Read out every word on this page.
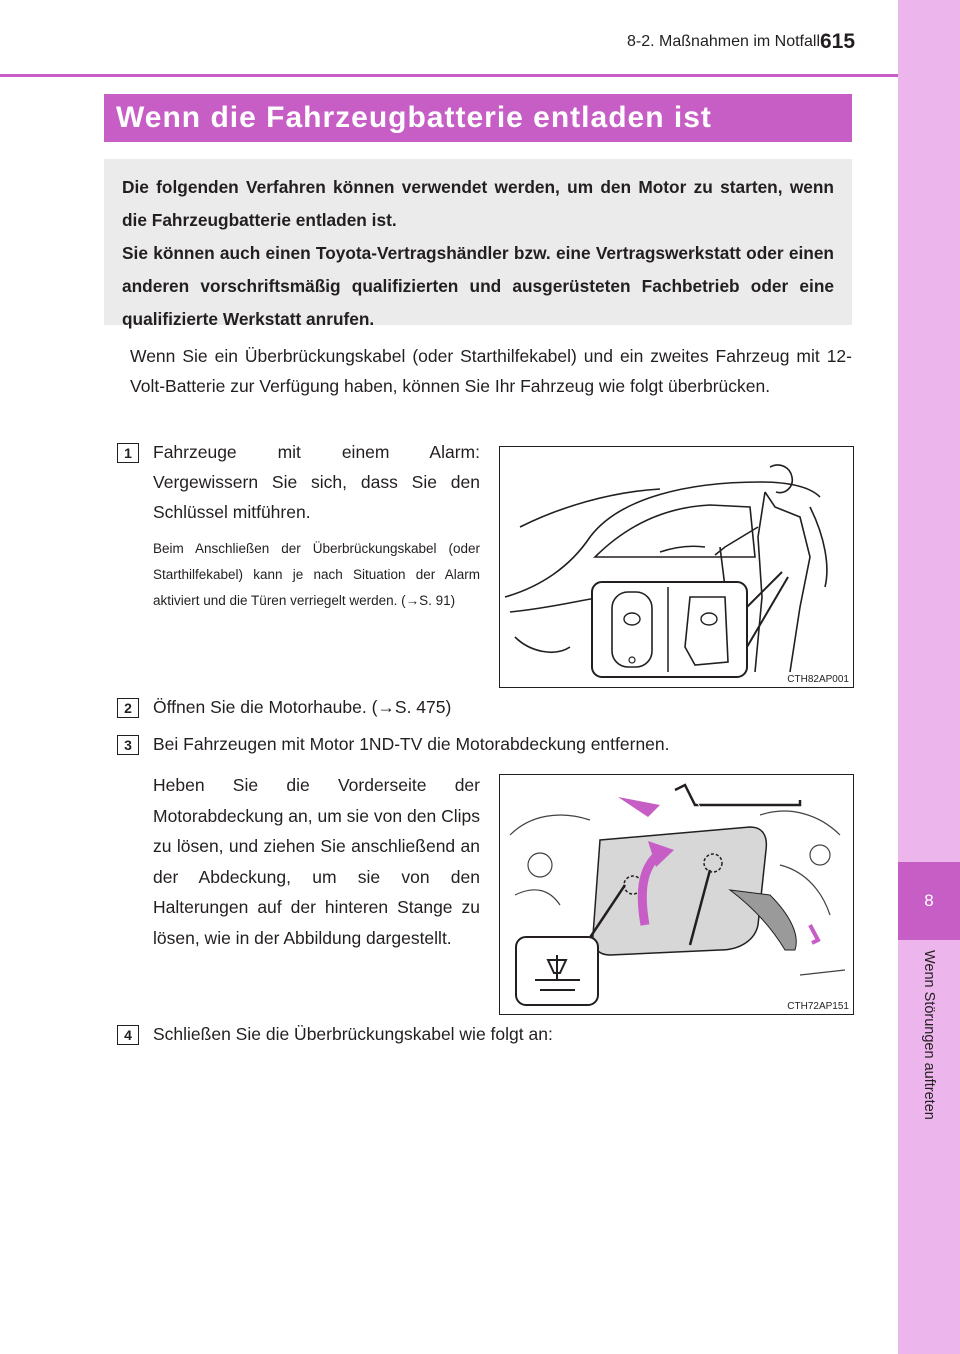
8
Wenn Störungen auftreten
8-2. Maßnahmen im Notfall 615
Wenn die Fahrzeugbatterie entladen ist

Die folgenden Verfahren können verwendet werden, um den Motor zu starten, wenn die Fahrzeugbatterie entladen ist.

Sie können auch einen Toyota-Vertragshändler bzw. eine Vertragswerkstatt oder einen anderen vorschriftsmäßig qualifizierten und ausgerüsteten Fachbetrieb oder eine qualifizierte Werkstatt anrufen.

Wenn Sie ein Überbrückungskabel (oder Starthilfekabel) und ein zweites Fahrzeug mit 12-Volt-Batterie zur Verfügung haben, können Sie Ihr Fahrzeug wie folgt überbrücken.

1	Fahrzeuge mit einem Alarm: Vergewissern Sie sich, dass Sie den Schlüssel mitführen.

Beim Anschließen der Überbrückungskabel (oder Starthilfekabel) kann je nach Situation der Alarm aktiviert und die Türen verriegelt werden. (→S. 91)

CTH82AP001
2	Öffnen Sie die Motorhaube. (→S. 475)

3	Bei Fahrzeugen mit Motor 1ND-TV die Motorabdeckung entfernen.

Heben Sie die Vorderseite der Motorabdeckung an, um sie von den Clips zu lösen, und ziehen Sie anschließend an der Abdeckung, um sie von den Halterungen auf der hinteren Stange zu lösen, wie in der Abbildung dargestellt.

CTH72AP151
4	Schließen Sie die Überbrückungskabel wie folgt an:
